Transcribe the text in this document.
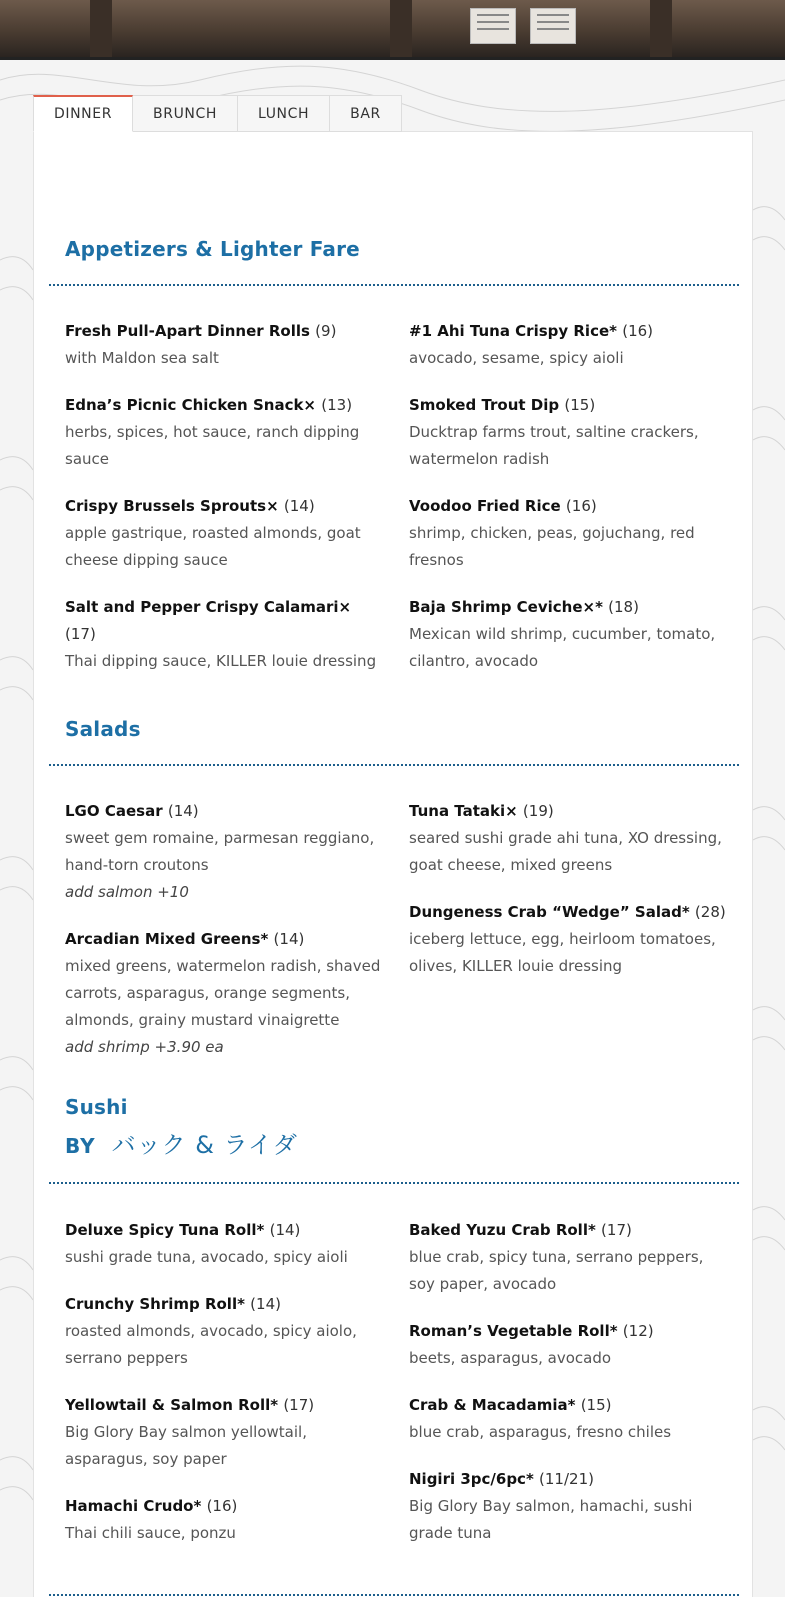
DINNER	BRUNCH	LUNCH	BAR
Appetizers & Lighter Fare
Fresh Pull-Apart Dinner Rolls (9)
with Maldon sea salt
#1 Ahi Tuna Crispy Rice* (16)
avocado, sesame, spicy aioli
Edna’s Picnic Chicken Snack× (13)
herbs, spices, hot sauce, ranch dipping sauce
Smoked Trout Dip (15)
Ducktrap farms trout, saltine crackers, watermelon radish
Crispy Brussels Sprouts× (14)
apple gastrique, roasted almonds, goat cheese dipping sauce
Voodoo Fried Rice (16)
shrimp, chicken, peas, gojuchang, red fresnos
Salt and Pepper Crispy Calamari× (17)
Thai dipping sauce, KILLER louie dressing
Baja Shrimp Ceviche×* (18)
Mexican wild shrimp, cucumber, tomato, cilantro, avocado
Salads
LGO Caesar (14)
sweet gem romaine, parmesan reggiano, hand-torn croutons
add salmon +10
Tuna Tataki× (19)
seared sushi grade ahi tuna, XO dressing, goat cheese, mixed greens
Arcadian Mixed Greens* (14)
mixed greens, watermelon radish, shaved carrots, asparagus, orange segments, almonds, grainy mustard vinaigrette
add shrimp +3.90 ea
Dungeness Crab “Wedge” Salad* (28)
iceberg lettuce, egg, heirloom tomatoes, olives, KILLER louie dressing
Sushi
BY バック & ライダ
Deluxe Spicy Tuna Roll* (14)
sushi grade tuna, avocado, spicy aioli
Baked Yuzu Crab Roll* (17)
blue crab, spicy tuna, serrano peppers, soy paper, avocado
Crunchy Shrimp Roll* (14)
roasted almonds, avocado, spicy aiolo, serrano peppers
Roman’s Vegetable Roll* (12)
beets, asparagus, avocado
Yellowtail & Salmon Roll* (17)
Big Glory Bay salmon yellowtail, asparagus, soy paper
Crab & Macadamia* (15)
blue crab, asparagus, fresno chiles
Hamachi Crudo* (16)
Thai chili sauce, ponzu
Nigiri 3pc/6pc* (11/21)
Big Glory Bay salmon, hamachi, sushi grade tuna
